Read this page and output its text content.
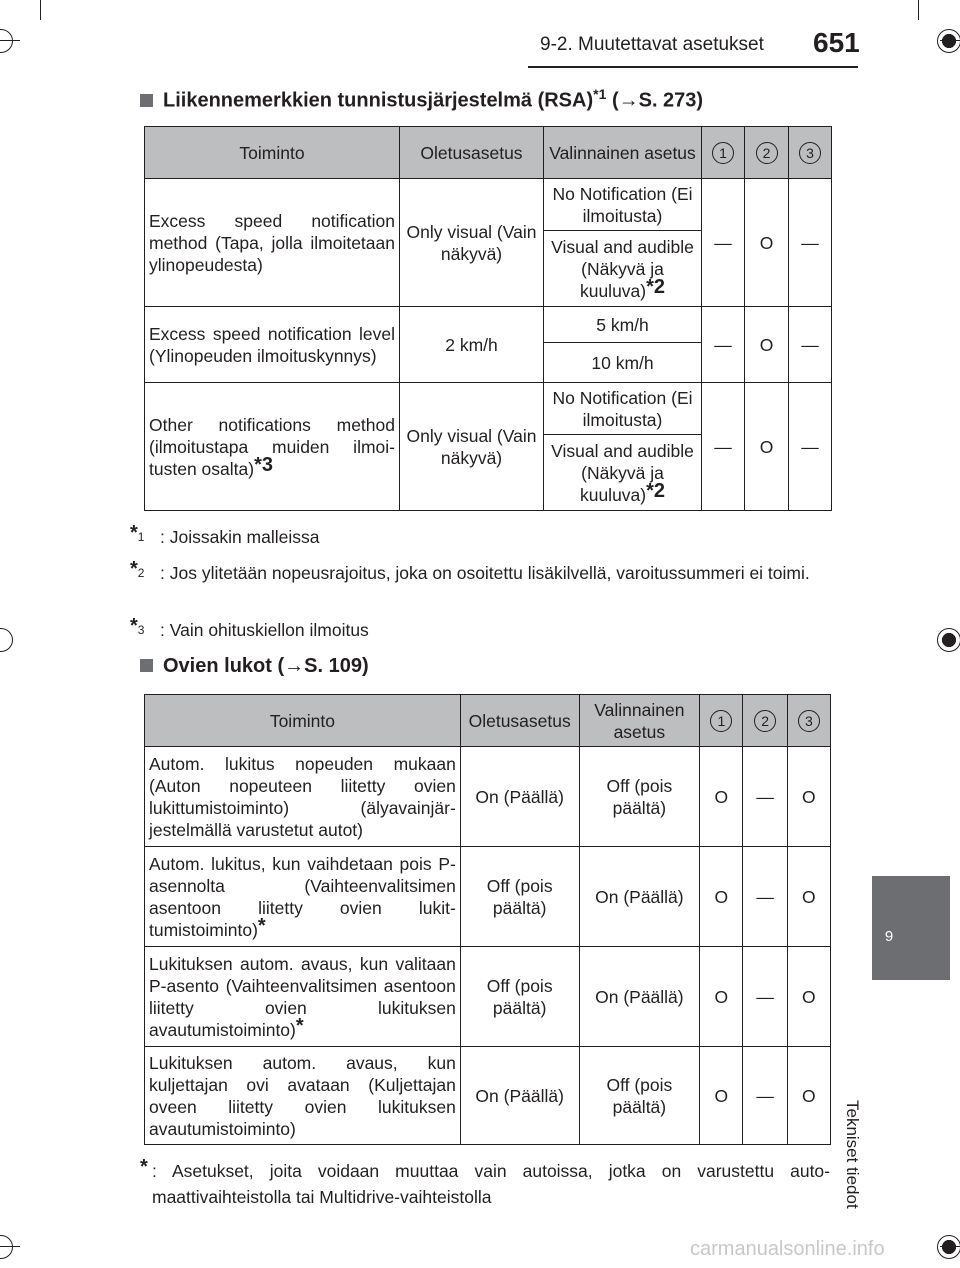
9-2. Muutettavat asetukset 651
9
Tekniset tiedot
Liikennemerkkien tunnistusjärjestelmä (RSA)$^{*1}$ (→S. 273)
Toiminto	Oletusasetus	Valinnainen asetus	1	2	3
Excess speed notification method (Tapa, jolla ilmoitetaan ylinopeudesta)	Only visual (Vain näkyvä)	No Notification (Ei ilmoitusta)	—	O	—
		Visual and audible (Näkyvä ja kuuluva)$^{*2}$
Excess speed notification level (Ylinopeuden ilmoituskynnys)	2 km/h	5 km/h	—	O	—
		10 km/h			
Other notifications method (ilmoitustapa muiden ilmoitusten osalta)$^{*3}$	Only visual (Vain näkyvä)	No Notification (Ei ilmoitusta)	—	O	—
		Visual and audible (Näkyvä ja kuuluva)$^{*2}$
*$^1$ : Joissakin malleissa
*$^2$ : Jos ylitetään nopeusrajoitus, joka on osoitettu lisäkilvellä, varoitussummeri ei toimi.
*$^3$ : Vain ohituskiellon ilmoitus
Ovien lukot (→S. 109)
Toiminto	Oletusasetus	Valinnainen asetus	1	2	3
Autom. lukitus nopeuden mukaan (Auton nopeuteen liitetty ovien lukittumistoiminto) (älyavainjärjestelmällä varustetut autot)	On (Päällä)	Off (pois päältä)	O	—	O
Autom. lukitus, kun vaihdetaan pois P-asennolta (Vaihteenvalitsimen asentoon liitetty ovien lukittumistoiminto)*	Off (pois päältä)	On (Päällä)	O	—	O
Lukituksen autom. avaus, kun valitaan P-asento (Vaihteenvalitsimen asentoon liitetty ovien lukituksen avautumistoiminto)*	Off (pois päältä)	On (Päällä)	O	—	O
Lukituksen autom. avaus, kun kuljettajan ovi avataan (Kuljettajan oveen liitetty ovien lukituksen avautumistoiminto)	On (Päällä)	Off (pois päältä)	O	—	O
* : Asetukset, joita voidaan muuttaa vain autoissa, jotka on varustettu automaattivaihteistolla tai Multidrive-vaihteistolla
carmanualsonline.info
